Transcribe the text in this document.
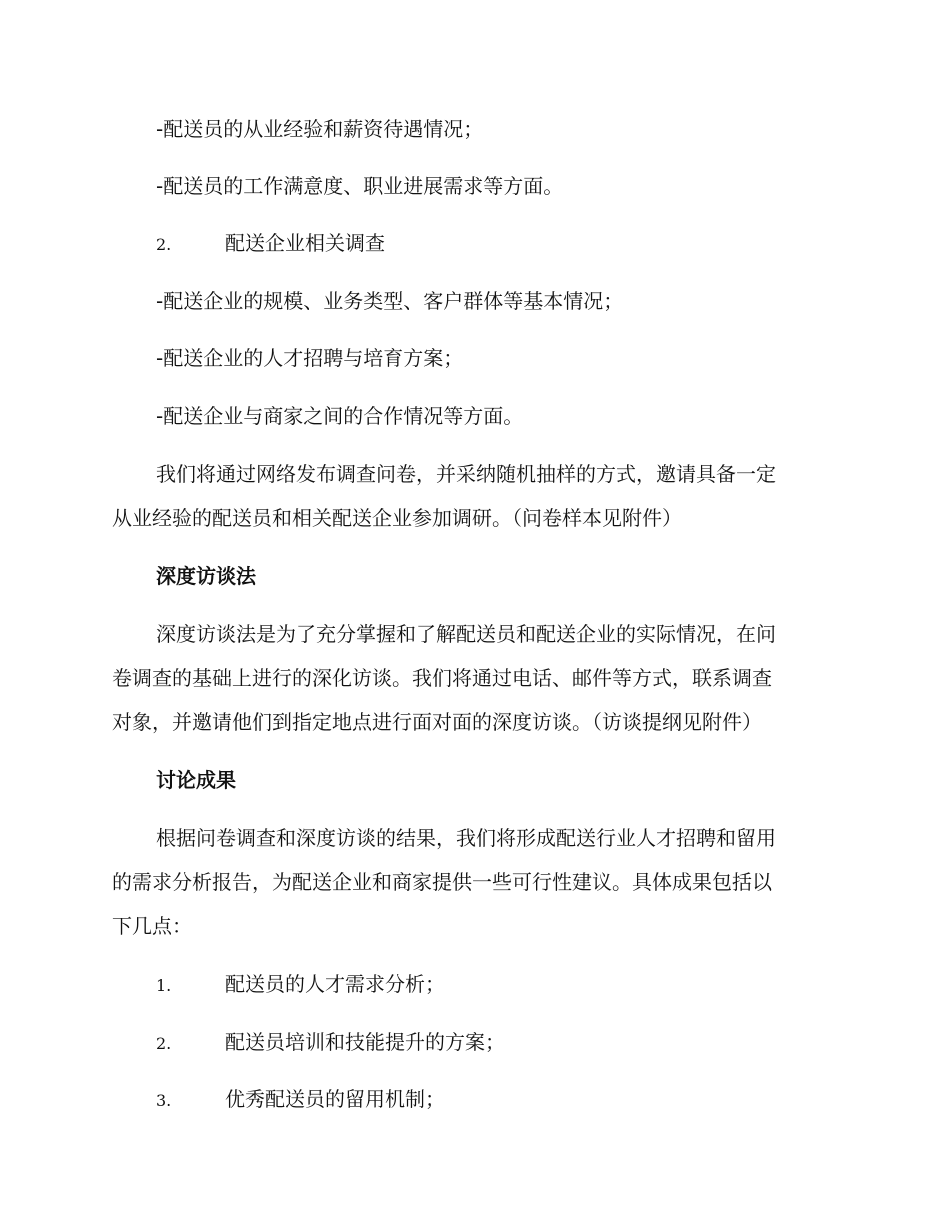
-配送员的从业经验和薪资待遇情况；
-配送员的工作满意度、职业进展需求等方面。
2.	配送企业相关调查
-配送企业的规模、业务类型、客户群体等基本情况；
-配送企业的人才招聘与培育方案；
-配送企业与商家之间的合作情况等方面。
我们将通过网络发布调查问卷，并采纳随机抽样的方式，邀请具备一定
从业经验的配送员和相关配送企业参加调研。（问卷样本见附件）
深度访谈法
深度访谈法是为了充分掌握和了解配送员和配送企业的实际情况，在问
卷调查的基础上进行的深化访谈。我们将通过电话、邮件等方式，联系调查
对象，并邀请他们到指定地点进行面对面的深度访谈。（访谈提纲见附件）
讨论成果
根据问卷调查和深度访谈的结果，我们将形成配送行业人才招聘和留用
的需求分析报告，为配送企业和商家提供一些可行性建议。具体成果包括以
下几点：
1.	配送员的人才需求分析；
2.	配送员培训和技能提升的方案；
3.	优秀配送员的留用机制；
